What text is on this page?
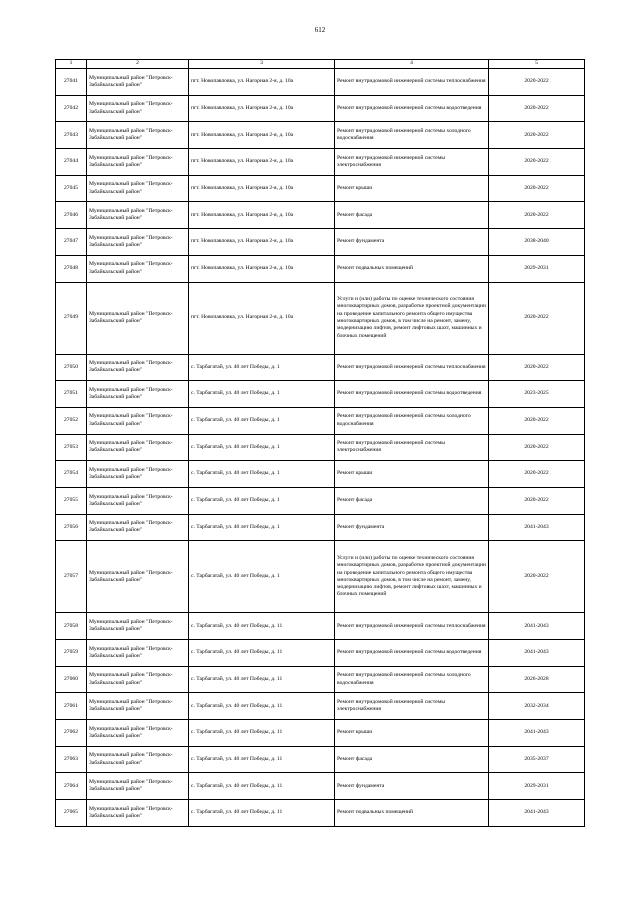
612
1	2	3	4	5
27041	Муниципальный район "Петровск-Забайкальский район"	пгт. Новопавловка, ул. Нагорная 2-я, д. 10а	Ремонт внутридомовой инженерной системы теплоснабжения	2020-2022
27042	Муниципальный район "Петровск-Забайкальский район"	пгт. Новопавловка, ул. Нагорная 2-я, д. 10а	Ремонт внутридомовой инженерной системы водоотведения	2020-2022
27043	Муниципальный район "Петровск-Забайкальский район"	пгт. Новопавловка, ул. Нагорная 2-я, д. 10а	Ремонт внутридомовой инженерной системы холодного водоснабжения	2020-2022
27044	Муниципальный район "Петровск-Забайкальский район"	пгт. Новопавловка, ул. Нагорная 2-я, д. 10а	Ремонт внутридомовой инженерной системы электроснабжения	2020-2022
27045	Муниципальный район "Петровск-Забайкальский район"	пгт. Новопавловка, ул. Нагорная 2-я, д. 10а	Ремонт крыши	2020-2022
27046	Муниципальный район "Петровск-Забайкальский район"	пгт. Новопавловка, ул. Нагорная 2-я, д. 10а	Ремонт фасада	2020-2022
27047	Муниципальный район "Петровск-Забайкальский район"	пгт. Новопавловка, ул. Нагорная 2-я, д. 10а	Ремонт фундамента	2038-2040
27048	Муниципальный район "Петровск-Забайкальский район"	пгт. Новопавловка, ул. Нагорная 2-я, д. 10а	Ремонт подвальных помещений	2029-2031
27049	Муниципальный район "Петровск-Забайкальский район"	пгт. Новопавловка, ул. Нагорная 2-я, д. 10а	Услуги и (или) работы по оценке технического состояния многоквартирных домов, разработке проектной документации на проведение капитального ремонта общего имущества многоквартирных домов, в том числе на ремонт, замену, модернизацию лифтов, ремонт лифтовых шахт, машинных и блочных помещений	2020-2022
27050	Муниципальный район "Петровск-Забайкальский район"	с. Тарбагатай, ул. 40 лет Победы, д. 1	Ремонт внутридомовой инженерной системы теплоснабжения	2020-2022
27051	Муниципальный район "Петровск-Забайкальский район"	с. Тарбагатай, ул. 40 лет Победы, д. 1	Ремонт внутридомовой инженерной системы водоотведения	2023-2025
27052	Муниципальный район "Петровск-Забайкальский район"	с. Тарбагатай, ул. 40 лет Победы, д. 1	Ремонт внутридомовой инженерной системы холодного водоснабжения	2020-2022
27053	Муниципальный район "Петровск-Забайкальский район"	с. Тарбагатай, ул. 40 лет Победы, д. 1	Ремонт внутридомовой инженерной системы электроснабжения	2020-2022
27054	Муниципальный район "Петровск-Забайкальский район"	с. Тарбагатай, ул. 40 лет Победы, д. 1	Ремонт крыши	2020-2022
27055	Муниципальный район "Петровск-Забайкальский район"	с. Тарбагатай, ул. 40 лет Победы, д. 1	Ремонт фасада	2020-2022
27056	Муниципальный район "Петровск-Забайкальский район"	с. Тарбагатай, ул. 40 лет Победы, д. 1	Ремонт фундамента	2041-2043
27057	Муниципальный район "Петровск-Забайкальский район"	с. Тарбагатай, ул. 40 лет Победы, д. 1	Услуги и (или) работы по оценке технического состояния многоквартирных домов, разработке проектной документации на проведение капитального ремонта общего имущества многоквартирных домов, в том числе на ремонт, замену, модернизацию лифтов, ремонт лифтовых шахт, машинных и блочных помещений	2020-2022
27058	Муниципальный район "Петровск-Забайкальский район"	с. Тарбагатай, ул. 40 лет Победы, д. 11	Ремонт внутридомовой инженерной системы теплоснабжения	2041-2043
27059	Муниципальный район "Петровск-Забайкальский район"	с. Тарбагатай, ул. 40 лет Победы, д. 11	Ремонт внутридомовой инженерной системы водоотведения	2041-2043
27060	Муниципальный район "Петровск-Забайкальский район"	с. Тарбагатай, ул. 40 лет Победы, д. 11	Ремонт внутридомовой инженерной системы холодного водоснабжения	2026-2028
27061	Муниципальный район "Петровск-Забайкальский район"	с. Тарбагатай, ул. 40 лет Победы, д. 11	Ремонт внутридомовой инженерной системы электроснабжения	2032-2034
27062	Муниципальный район "Петровск-Забайкальский район"	с. Тарбагатай, ул. 40 лет Победы, д. 11	Ремонт крыши	2041-2043
27063	Муниципальный район "Петровск-Забайкальский район"	с. Тарбагатай, ул. 40 лет Победы, д. 11	Ремонт фасада	2035-2037
27064	Муниципальный район "Петровск-Забайкальский район"	с. Тарбагатай, ул. 40 лет Победы, д. 11	Ремонт фундамента	2029-2031
27065	Муниципальный район "Петровск-Забайкальский район"	с. Тарбагатай, ул. 40 лет Победы, д. 11	Ремонт подвальных помещений	2041-2043
